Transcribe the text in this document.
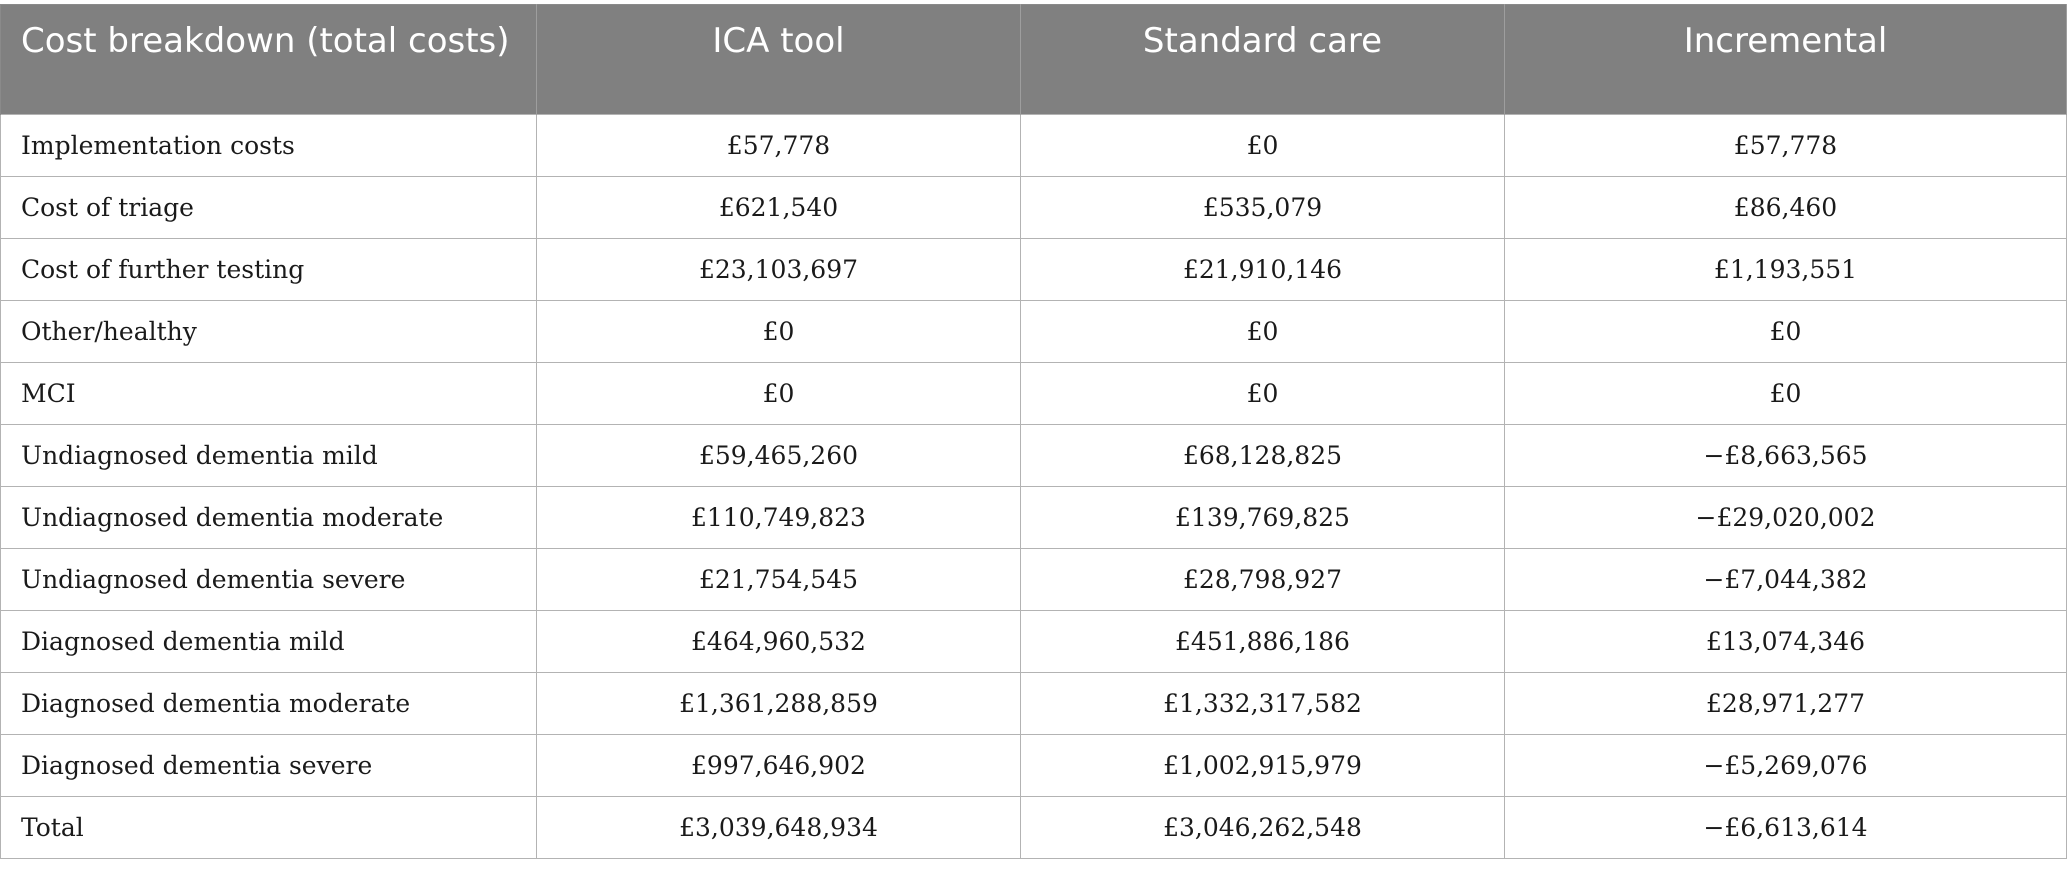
Cost breakdown (total costs)	ICA tool	Standard care	Incremental
Implementation costs	£57,778	£0	£57,778
Cost of triage	£621,540	£535,079	£86,460
Cost of further testing	£23,103,697	£21,910,146	£1,193,551
Other/healthy	£0	£0	£0
MCI	£0	£0	£0
Undiagnosed dementia mild	£59,465,260	£68,128,825	−£8,663,565
Undiagnosed dementia moderate	£110,749,823	£139,769,825	−£29,020,002
Undiagnosed dementia severe	£21,754,545	£28,798,927	−£7,044,382
Diagnosed dementia mild	£464,960,532	£451,886,186	£13,074,346
Diagnosed dementia moderate	£1,361,288,859	£1,332,317,582	£28,971,277
Diagnosed dementia severe	£997,646,902	£1,002,915,979	−£5,269,076
Total	£3,039,648,934	£3,046,262,548	−£6,613,614
